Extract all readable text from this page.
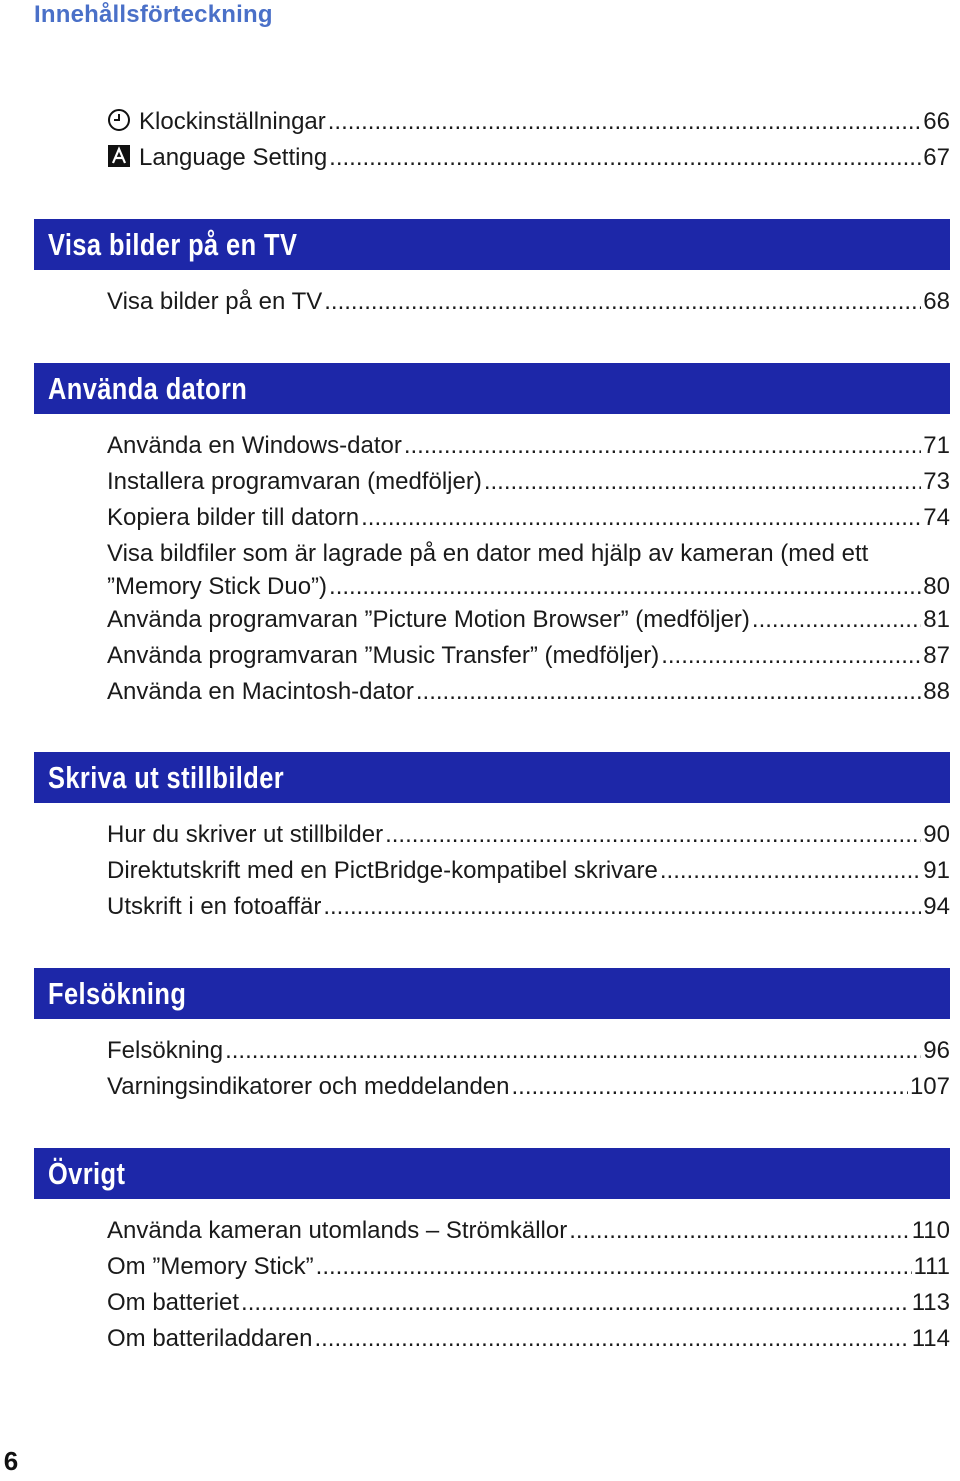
Innehållsförteckning
Klockinställningar .....	66
Language Setting .....	67
Visa bilder på en TV
Visa bilder på en TV .....	68
Använda datorn
Använda en Windows-dator .....	71
Installera programvaran (medföljer) .....	73
Kopiera bilder till datorn .....	74
Visa bildfiler som är lagrade på en dator med hjälp av kameran (med ett
”Memory Stick Duo”) .....	80
Använda programvaran ”Picture Motion Browser” (medföljer) .....	81
Använda programvaran ”Music Transfer” (medföljer) .....	87
Använda en Macintosh-dator .....	88
Skriva ut stillbilder
Hur du skriver ut stillbilder .....	90
Direktutskrift med en PictBridge-kompatibel skrivare .....	91
Utskrift i en fotoaffär .....	94
Felsökning
Felsökning .....	96
Varningsindikatorer och meddelanden .....	107
Övrigt
Använda kameran utomlands – Strömkällor .....	110
Om ”Memory Stick” .....	111
Om batteriet .....	113
Om batteriladdaren .....	114
6
